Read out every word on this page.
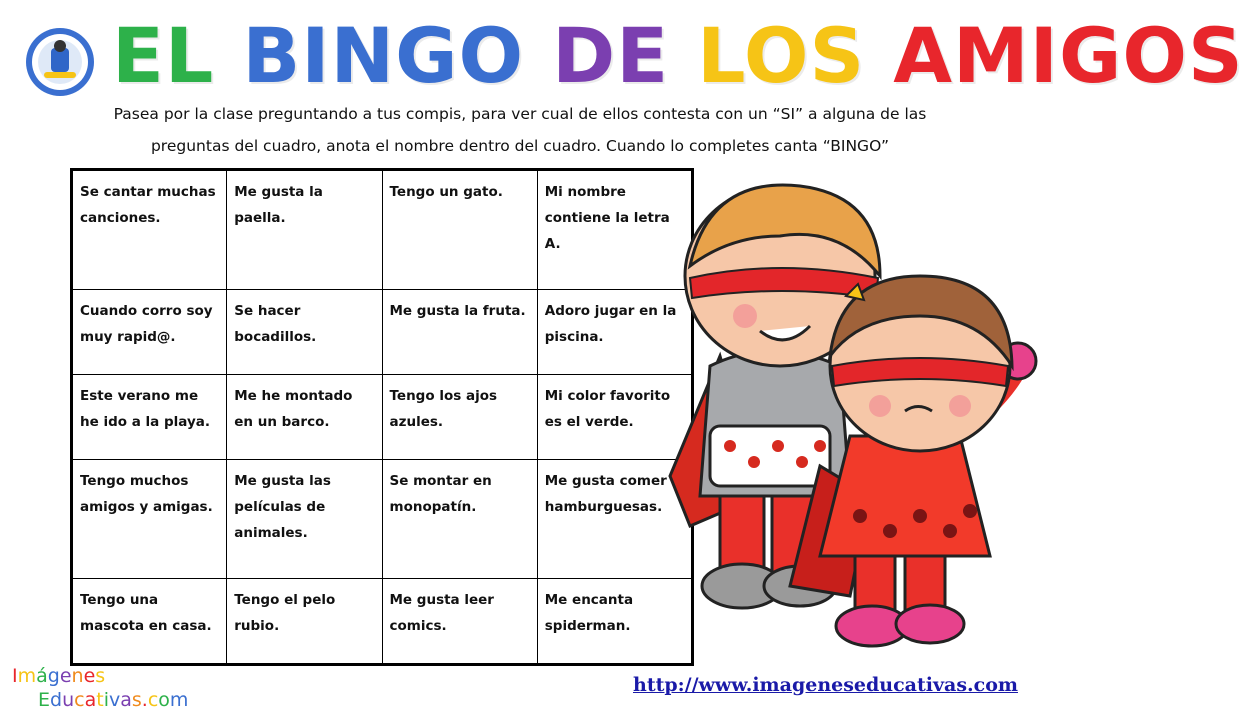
EL BINGO DE LOS AMIGOS
Pasea por la clase preguntando a tus compis, para ver cual de ellos contesta con un “SI” a alguna de las
preguntas del cuadro, anota el nombre dentro del cuadro. Cuando lo completes canta “BINGO”
Se cantar muchas canciones.	Me gusta la paella.	Tengo un gato.	Mi nombre contiene la letra A.
Cuando corro soy muy rapid@.	Se hacer bocadillos.	Me gusta la fruta.	Adoro jugar en la piscina.
Este verano me he ido a la playa.	Me he montado en un barco.	Tengo los ajos azules.	Mi color favorito es el verde.
Tengo muchos amigos y amigas.	Me gusta las películas de animales.	Se montar en monopatín.	Me gusta comer hamburguesas.
Tengo una mascota en casa.	Tengo el pelo rubio.	Me gusta leer comics.	Me encanta spiderman.
Imágenes
Educativas.com
http://www.imageneseducativas.com
